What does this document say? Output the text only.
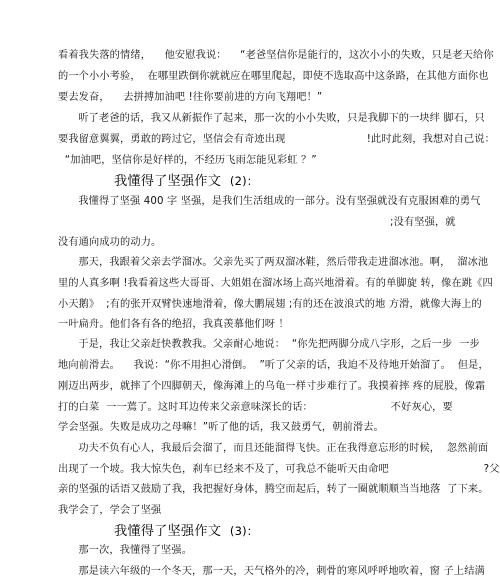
看着我失落的情绪，    他安慰我说：    “老爸坚信你是能行的，这次小小的失败，只是老天给你
的一个小小考验，  在哪里跌倒你就就应在哪里爬起，即使不选取高中这条路，在其他方面你也
要去发奋，    去拼搏加油吧 !往你要前进的方向飞翔吧！”
听了老爸的话，我又从新振作了起来，那一次的小小失败，只是我脚下的一块绊 脚石，只
要我留意翼翼，勇敢的跨过它，坚信会有奇迹出现                        !此时此刻，我想对自己说：
“加油吧，坚信你是好样的，不经历飞雨怎能见彩虹 ？”
我懂得了坚强作文 (2)：
我懂得了坚强 400 字 坚强，是我们生活组成的一部分。没有坚强就没有克服困难的勇气
;没有坚强，就
没有通向成功的动力。
那天，我跟着父亲去学溜冰。父亲先买了两双溜冰鞋，然后带我走进溜冰池。啊，  溜冰池
里的人真多啊 !我看着这些大哥哥、大姐姐在溜冰场上高兴地滑着。有的单脚旋 转，像在跳《四
小天鹅》  ;有的张开双臂快速地滑着，像大鹏展翅 ;有的还在波浪式的地 方滑，就像大海上的
一叶扁舟。他们各有各的绝招，我真羡慕他们呀 ！
于是，我让父亲赶快教教我。父亲耐心地说：  “你先把两脚分成八字形，之后一步  一步
地向前滑去。    我说：“你不用担心滑倒。  ”听了父亲的话，我迫不及待地开始溜了。  但是，
刚迈出两步，就摔了个四脚朝天，像海滩上的乌龟一样寸步难行了。我摸着摔 疼的屁股，像霜
打的白菜  一一蔫了。这时耳边传来父亲意味深长的话：                       不好灰心，要
学会坚强。失败是成功之母嘛！”听了他的话，我又鼓勇气，朝前滑去。
功夫不负有心人，我最后会溜了，而且还能溜得飞快。正在我得意忘形的时候，  忽然前面
出现了一个坡。我大惊失色，刹车已经来不及了，可我总不能听天由命吧                            ?父
亲的坚强的话语又鼓励了我，我把握好身体，腾空而起后，转了一圈就顺顺当当地落  了下来。
我学会了，学会了坚强
我懂得了坚强作文 (3)：
那一次，我懂得了坚强。
那是读六年级的一个冬天，那一天，天气格外的冷，刺骨的寒风呼呼地吹着，窗 子上结满
